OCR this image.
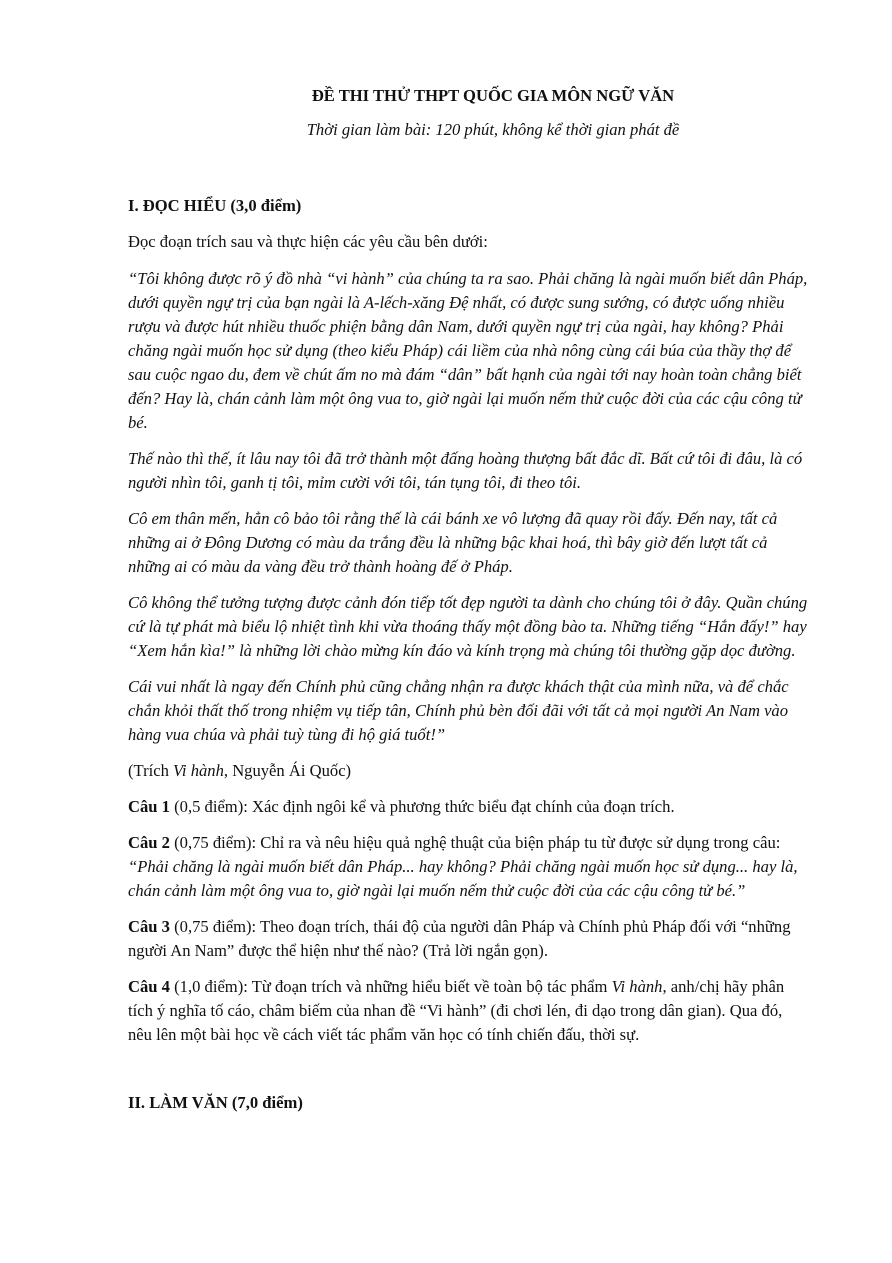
ĐỀ THI THỬ THPT QUỐC GIA MÔN NGỮ VĂN

Thời gian làm bài: 120 phút, không kể thời gian phát đề

I. ĐỌC HIỂU (3,0 điểm)

Đọc đoạn trích sau và thực hiện các yêu cầu bên dưới:

“Tôi không được rõ ý đồ nhà “vi hành” của chúng ta ra sao. Phải chăng là ngài muốn biết dân Pháp, dưới quyền ngự trị của bạn ngài là A-lếch-xăng Đệ nhất, có được sung sướng, có được uống nhiều rượu và được hút nhiều thuốc phiện bằng dân Nam, dưới quyền ngự trị của ngài, hay không? Phải chăng ngài muốn học sử dụng (theo kiểu Pháp) cái liềm của nhà nông cùng cái búa của thầy thợ để sau cuộc ngao du, đem về chút ấm no mà đám “dân” bất hạnh của ngài tới nay hoàn toàn chẳng biết đến? Hay là, chán cảnh làm một ông vua to, giờ ngài lại muốn nếm thử cuộc đời của các cậu công tử bé.

Thế nào thì thế, ít lâu nay tôi đã trở thành một đấng hoàng thượng bất đắc dĩ. Bất cứ tôi đi đâu, là có người nhìn tôi, ganh tị tôi, mỉm cười với tôi, tán tụng tôi, đi theo tôi.

Cô em thân mến, hẳn cô bảo tôi rằng thế là cái bánh xe vô lượng đã quay rồi đấy. Đến nay, tất cả những ai ở Đông Dương có màu da trắng đều là những bậc khai hoá, thì bây giờ đến lượt tất cả những ai có màu da vàng đều trở thành hoàng đế ở Pháp.

Cô không thể tưởng tượng được cảnh đón tiếp tốt đẹp người ta dành cho chúng tôi ở đây. Quần chúng cứ là tự phát mà biểu lộ nhiệt tình khi vừa thoáng thấy một đồng bào ta. Những tiếng “Hắn đấy!” hay “Xem hắn kìa!” là những lời chào mừng kín đáo và kính trọng mà chúng tôi thường gặp dọc đường.

Cái vui nhất là ngay đến Chính phủ cũng chẳng nhận ra được khách thật của mình nữa, và để chắc chắn khỏi thất thố trong nhiệm vụ tiếp tân, Chính phủ bèn đối đãi với tất cả mọi người An Nam vào hàng vua chúa và phải tuỳ tùng đi hộ giá tuốt!”

(Trích Vi hành, Nguyễn Ái Quốc)

Câu 1 (0,5 điểm): Xác định ngôi kể và phương thức biểu đạt chính của đoạn trích.

Câu 2 (0,75 điểm): Chỉ ra và nêu hiệu quả nghệ thuật của biện pháp tu từ được sử dụng trong câu: “Phải chăng là ngài muốn biết dân Pháp... hay không? Phải chăng ngài muốn học sử dụng... hay là, chán cảnh làm một ông vua to, giờ ngài lại muốn nếm thử cuộc đời của các cậu công tử bé.”

Câu 3 (0,75 điểm): Theo đoạn trích, thái độ của người dân Pháp và Chính phủ Pháp đối với “những người An Nam” được thể hiện như thế nào? (Trả lời ngắn gọn).

Câu 4 (1,0 điểm): Từ đoạn trích và những hiểu biết về toàn bộ tác phẩm Vi hành, anh/chị hãy phân tích ý nghĩa tố cáo, châm biếm của nhan đề “Vi hành” (đi chơi lén, đi dạo trong dân gian). Qua đó, nêu lên một bài học về cách viết tác phẩm văn học có tính chiến đấu, thời sự.

II. LÀM VĂN (7,0 điểm)
